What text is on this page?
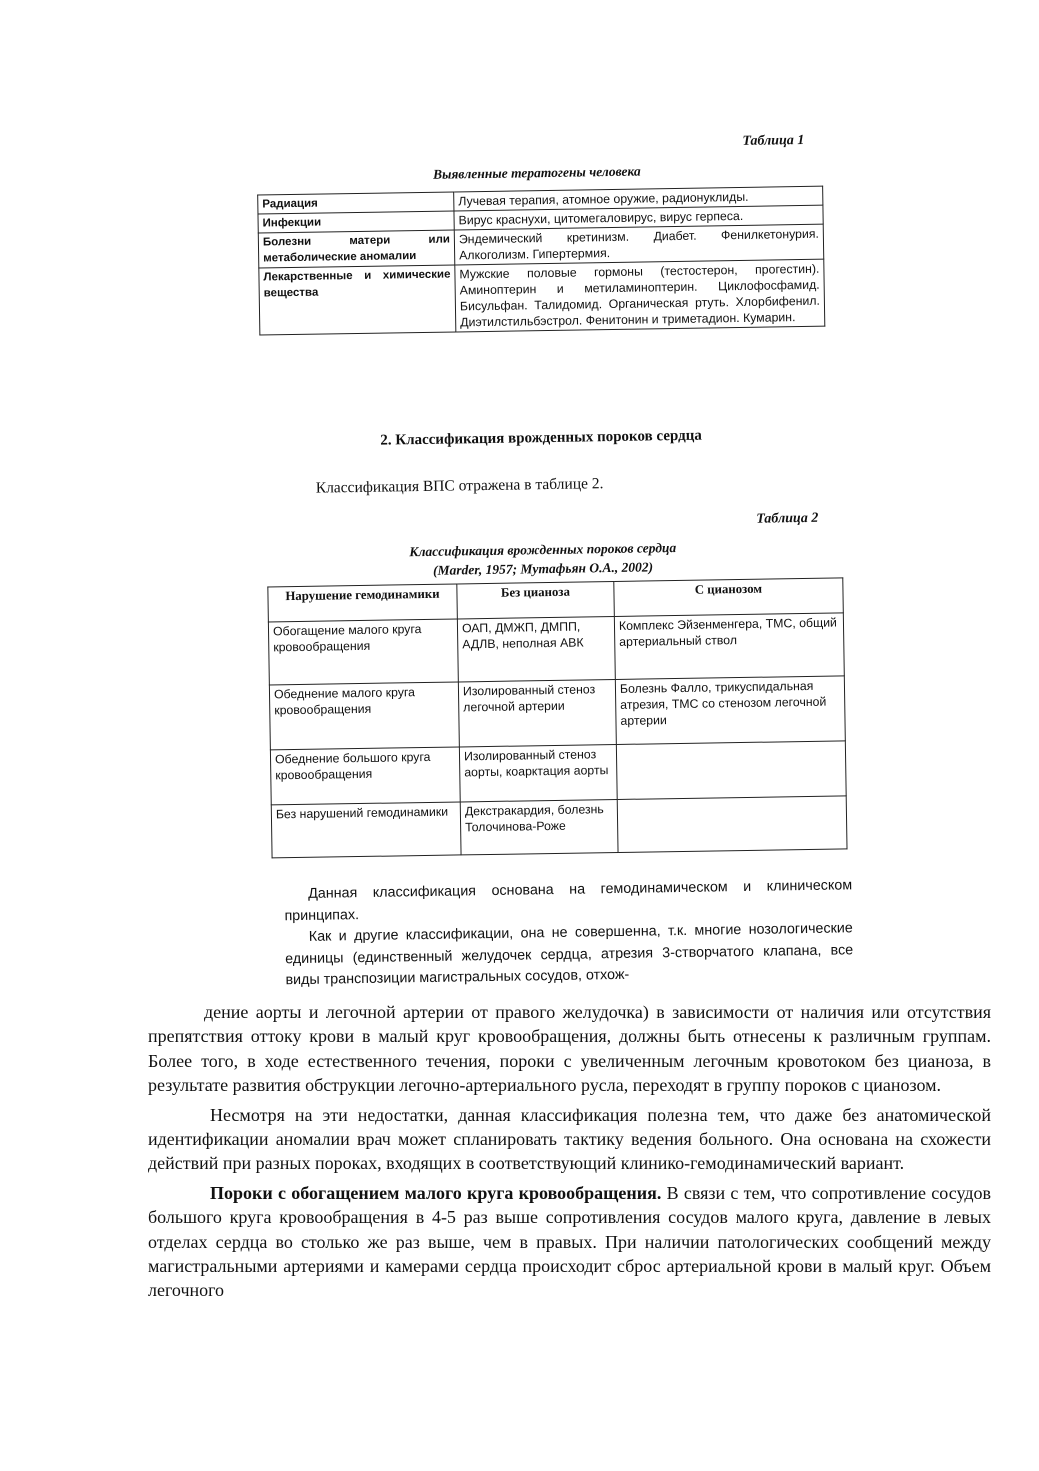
Таблица 1
Выявленные тератогены человека
Радиация	Лучевая терапия, атомное оружие, радионуклиды.
Инфекции	Вирус краснухи, цитомегаловирус, вирус герпеса.
Болезни матери или метаболические аномалии	Эндемический кретинизм. Диабет. Фенилкетонурия. Алкоголизм. Гипертермия.
Лекарственные и химические вещества	Мужские половые гормоны (тестостерон, прогестин). Аминоптерин и метиламиноптерин. Циклофосфамид. Бисульфан. Талидомид. Органическая ртуть. Хлорбифенил. Диэтилстильбэстрол. Фенитонин и триметадион. Кумарин.
2. Классификация врожденных пороков сердца
Классификация ВПС отражена в таблице 2.
Таблица 2
Классификация врожденных пороков сердца
(Marder, 1957; Мутафьян О.А., 2002)
Нарушение гемодинамики	Без цианоза	С цианозом
Обогащение малого круга кровообращения	ОАП, ДМЖП, ДМПП, АДЛВ, неполная АВК	Комплекс Эйзенменгера, ТМС, общий артериальный ствол
Обеднение малого круга кровообращения	Изолированный стеноз легочной артерии	Болезнь Фалло, трикуспидальная атрезия, ТМС со стенозом легочной артерии
Обеднение большого круга кровообращения	Изолированный стеноз аорты, коарктация аорты	
Без нарушений гемодинамики	Декстракардия, болезнь Толочинова-Роже	

Данная классификация основана на гемодинамическом и клиническом принципах.

Как и другие классификации, она не совершенна, т.к. многие нозологические единицы (единственный желудочек сердца, атрезия 3-створчатого клапана, все виды транспозиции магистральных сосудов, отхож-

дение аорты и легочной артерии от правого желудочка) в зависимости от наличия или отсутствия препятствия оттоку крови в малый круг кровообращения, должны быть отнесены к различным группам. Более того, в ходе естественного течения, пороки с увеличенным легочным кровотоком без цианоза, в результате развития обструкции легочно-артериального русла, переходят в группу пороков с цианозом.

Несмотря на эти недостатки, данная классификация полезна тем, что даже без анатомической идентификации аномалии врач может спланировать тактику ведения больного. Она основана на схожести действий при разных пороках, входящих в соответствующий клинико-гемодинамический вариант.

Пороки с обогащением малого круга кровообращения. В связи с тем, что сопротивление сосудов большого круга кровообращения в 4-5 раз выше сопротивления сосудов малого круга, давление в левых отделах сердца во столько же раз выше, чем в правых. При наличии патологических сообщений между магистральными артериями и камерами сердца происходит сброс артериальной крови в малый круг. Объем легочного
